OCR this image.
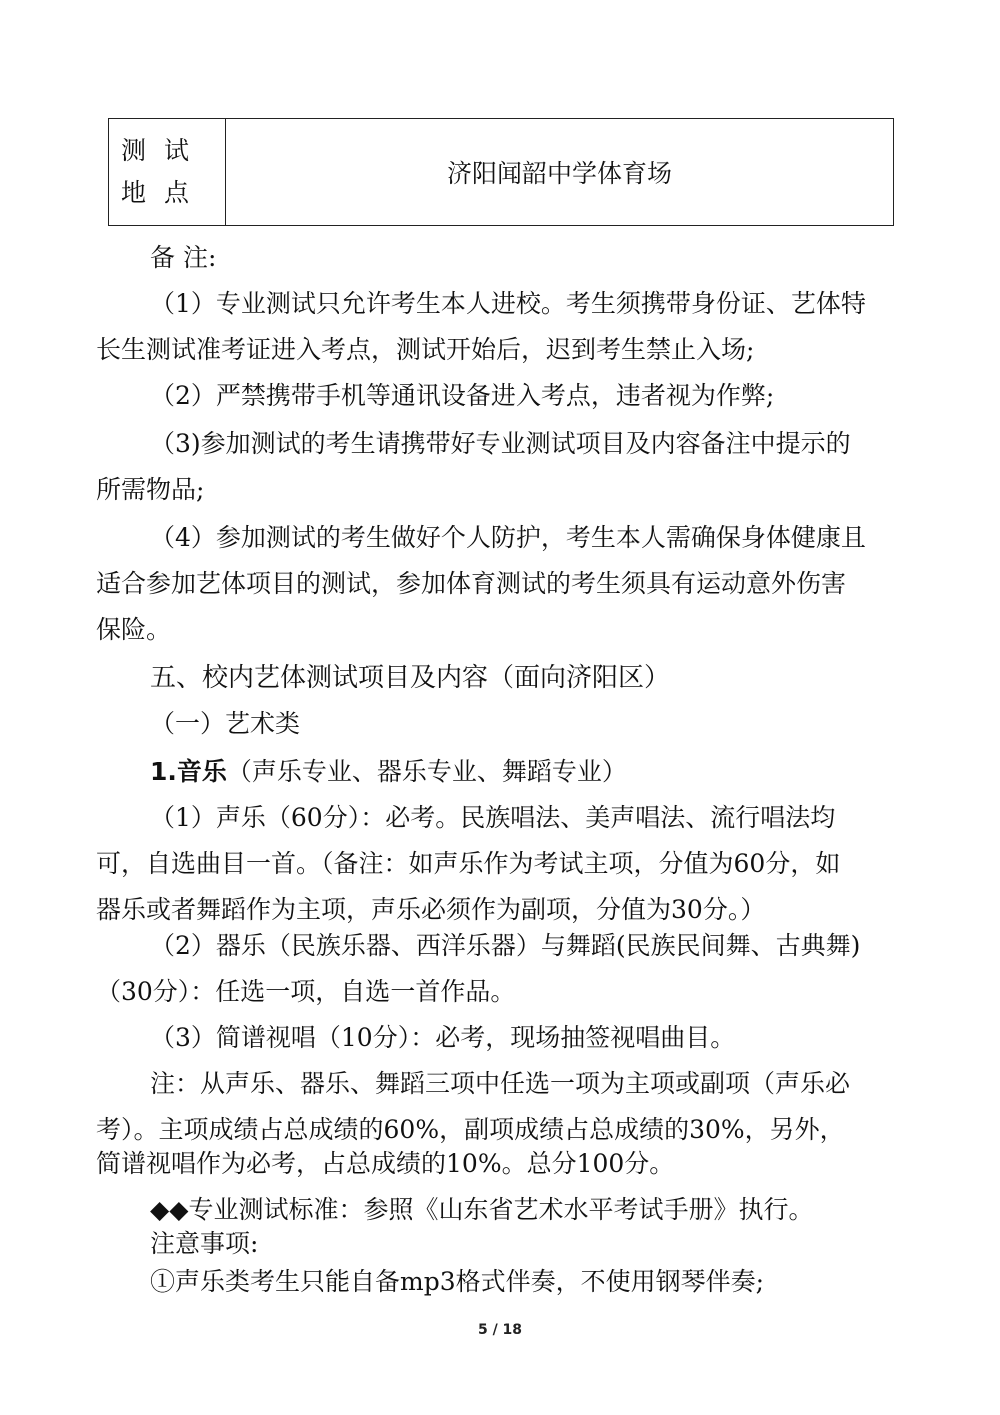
测试
地点
	济阳闻韶中学体育场
备 注:
（1）专业测试只允许考生本人进校。考生须携带身份证、艺体特
长生测试准考证进入考点，测试开始后，迟到考生禁止入场;
（2）严禁携带手机等通讯设备进入考点，违者视为作弊;
（3)参加测试的考生请携带好专业测试项目及内容备注中提示的
所需物品;
（4）参加测试的考生做好个人防护，考生本人需确保身体健康且
适合参加艺体项目的测试，参加体育测试的考生须具有运动意外伤害
保险。
五、校内艺体测试项目及内容（面向济阳区）
（一）艺术类
1.音乐（声乐专业、器乐专业、舞蹈专业）
（1）声乐（60分）：必考。民族唱法、美声唱法、流行唱法均
可，自选曲目一首。（备注：如声乐作为考试主项，分值为60分，如
器乐或者舞蹈作为主项，声乐必须作为副项，分值为30分。）
（2）器乐（民族乐器、西洋乐器）与舞蹈(民族民间舞、古典舞)
（30分）：任选一项，自选一首作品。
（3）简谱视唱（10分）：必考，现场抽签视唱曲目。
注：从声乐、器乐、舞蹈三项中任选一项为主项或副项（声乐必
考）。主项成绩占总成绩的60%，副项成绩占总成绩的30%，另外，
简谱视唱作为必考，占总成绩的10%。总分100分。
◆◆专业测试标准：参照《山东省艺术水平考试手册》执行。
注意事项:
①声乐类考生只能自备mp3格式伴奏，不使用钢琴伴奏;
5 / 18
